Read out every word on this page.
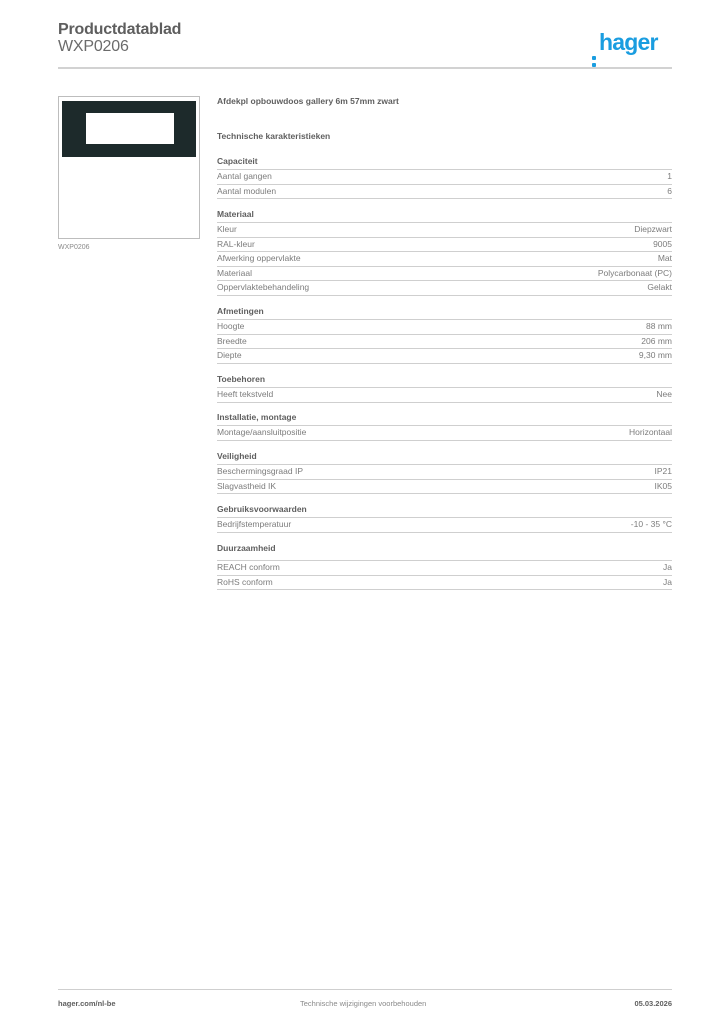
Productdatablad
WXP0206	hager
WXP0206
Afdekpl opbouwdoos gallery 6m 57mm zwart
Technische karakteristieken
Capaciteit
Aantal gangen	1
Aantal modulen	6
Materiaal
Kleur	Diepzwart
RAL-kleur	9005
Afwerking oppervlakte	Mat
Materiaal	Polycarbonaat (PC)
Oppervlaktebehandeling	Gelakt
Afmetingen
Hoogte	88 mm
Breedte	206 mm
Diepte	9,30 mm
Toebehoren
Heeft tekstveld	Nee
Installatie, montage
Montage/aansluitpositie	Horizontaal
Veiligheid
Beschermingsgraad IP	IP21
Slagvastheid IK	IK05
Gebruiksvoorwaarden
Bedrijfstemperatuur	-10 - 35 °C
Duurzaamheid
REACH conform	Ja
RoHS conform	Ja
hager.com/nl-be	Technische wijzigingen voorbehouden	05.03.2026
